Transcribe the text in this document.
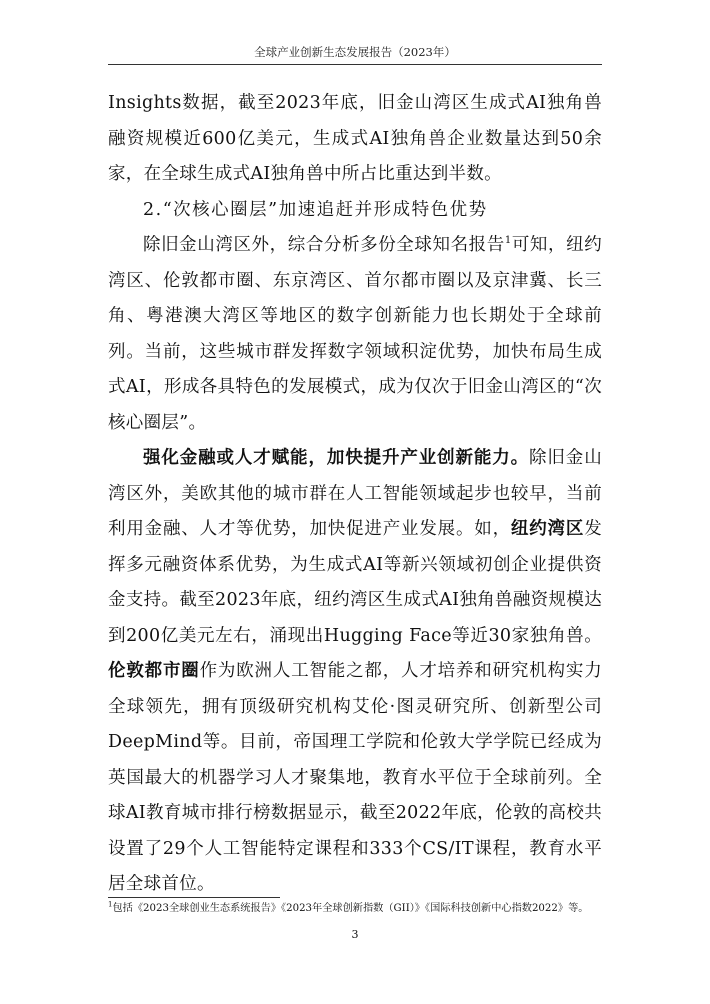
全球产业创新生态发展报告（2023年）

Insights数据，截至2023年底，旧金山湾区生成式AI独角兽融资规模近600亿美元，生成式AI独角兽企业数量达到50余家，在全球生成式AI独角兽中所占比重达到半数。

2.“次核心圈层”加速追赶并形成特色优势

除旧金山湾区外，综合分析多份全球知名报告$^1$可知，纽约湾区、伦敦都市圈、东京湾区、首尔都市圈以及京津冀、长三角、粤港澳大湾区等地区的数字创新能力也长期处于全球前列。当前，这些城市群发挥数字领域积淀优势，加快布局生成式AI，形成各具特色的发展模式，成为仅次于旧金山湾区的“次核心圈层”。

强化金融或人才赋能，加快提升产业创新能力。除旧金山湾区外，美欧其他的城市群在人工智能领域起步也较早，当前利用金融、人才等优势，加快促进产业发展。如，纽约湾区发挥多元融资体系优势，为生成式AI等新兴领域初创企业提供资金支持。截至2023年底，纽约湾区生成式AI独角兽融资规模达到200亿美元左右，涌现出Hugging Face等近30家独角兽。伦敦都市圈作为欧洲人工智能之都，人才培养和研究机构实力全球领先，拥有顶级研究机构艾伦·图灵研究所、创新型公司DeepMind等。目前，帝国理工学院和伦敦大学学院已经成为英国最大的机器学习人才聚集地，教育水平位于全球前列。全球AI教育城市排行榜数据显示，截至2022年底，伦敦的高校共设置了29个人工智能特定课程和333个CS/IT课程，教育水平居全球首位。

$^1$包括《2023全球创业生态系统报告》《2023年全球创新指数（GII）》《国际科技创新中心指数2022》等。
3
